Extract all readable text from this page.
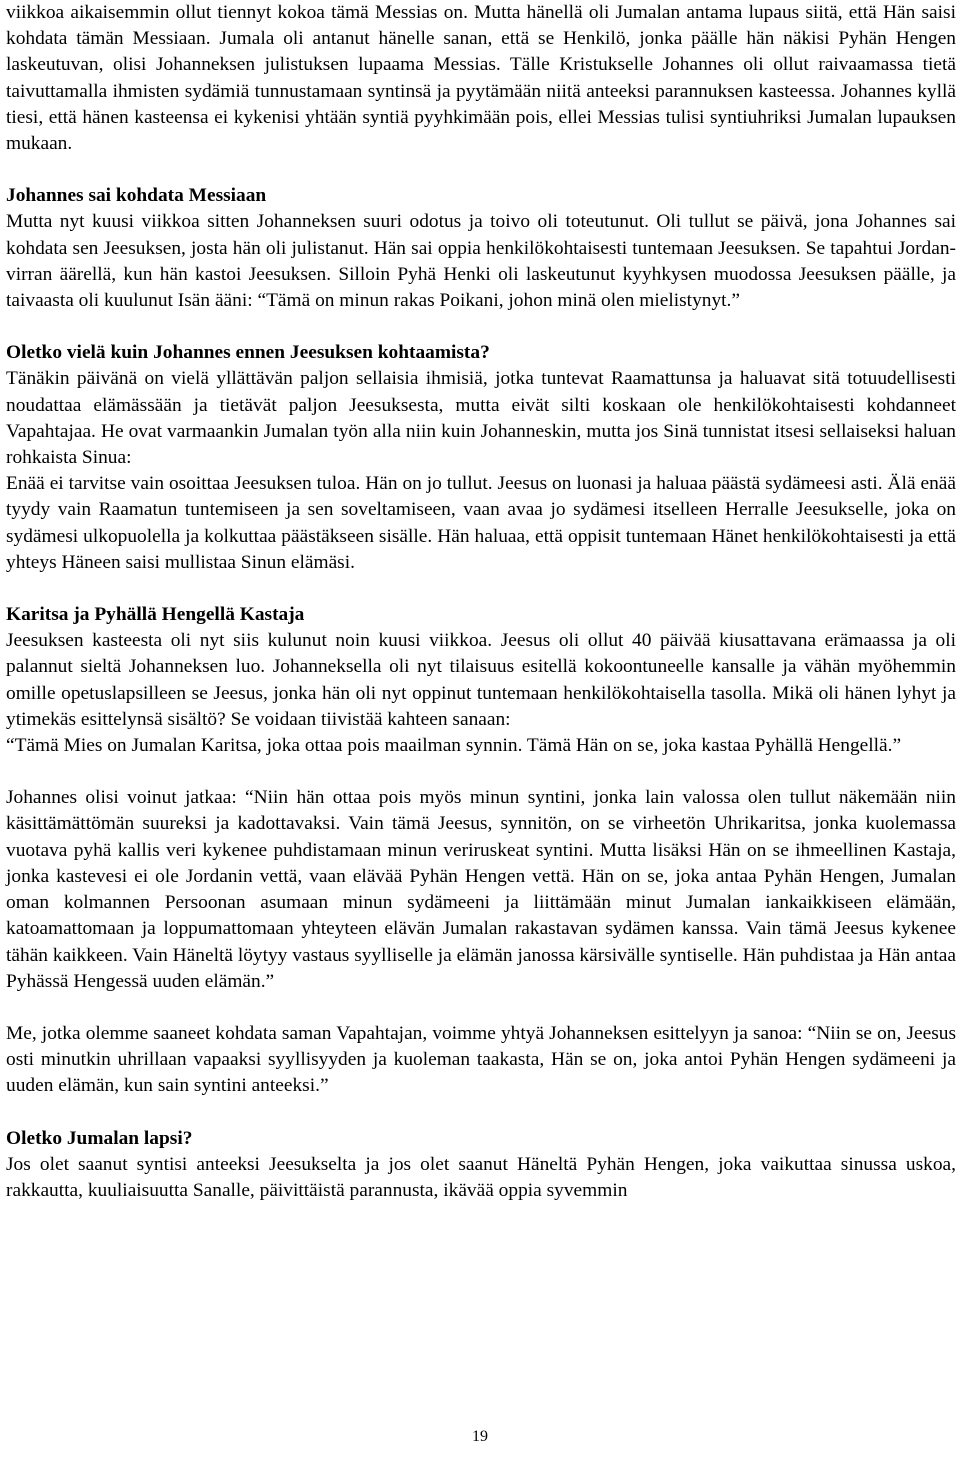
viikkoa aikaisemmin ollut tiennyt kokoa tämä Messias on. Mutta hänellä oli Jumalan antama lupaus siitä, että Hän saisi kohdata tämän Messiaan. Jumala oli antanut hänelle sanan, että se Henkilö, jonka päälle hän näkisi Pyhän Hengen laskeutuvan, olisi Johanneksen julistuksen lupaama Messias. Tälle Kristukselle Johannes oli ollut raivaamassa tietä taivuttamalla ihmisten sydämiä tunnustamaan syntinsä ja pyytämään niitä anteeksi parannuksen kasteessa. Johannes kyllä tiesi, että hänen kasteensa ei kykenisi yhtään syntiä pyyhkimään pois, ellei Messias tulisi syntiuhriksi Jumalan lupauksen mukaan.

Johannes sai kohdata Messiaan

Mutta nyt kuusi viikkoa sitten Johanneksen suuri odotus ja toivo oli toteutunut. Oli tullut se päivä, jona Johannes sai kohdata sen Jeesuksen, josta hän oli julistanut. Hän sai oppia henkilökohtaisesti tuntemaan Jeesuksen. Se tapahtui Jordan-virran äärellä, kun hän kastoi Jeesuksen. Silloin Pyhä Henki oli laskeutunut kyyhkysen muodossa Jeesuksen päälle, ja taivaasta oli kuulunut Isän ääni: “Tämä on minun rakas Poikani, johon minä olen mielistynyt.”

Oletko vielä kuin Johannes ennen Jeesuksen kohtaamista?

Tänäkin päivänä on vielä yllättävän paljon sellaisia ihmisiä, jotka tuntevat Raamattunsa ja haluavat sitä totuudellisesti noudattaa elämässään ja tietävät paljon Jeesuksesta, mutta eivät silti koskaan ole henkilökohtaisesti kohdanneet Vapahtajaa. He ovat varmaankin Jumalan työn alla niin kuin Johanneskin, mutta jos Sinä tunnistat itsesi sellaiseksi haluan rohkaista Sinua:

Enää ei tarvitse vain osoittaa Jeesuksen tuloa. Hän on jo tullut. Jeesus on luonasi ja haluaa päästä sydämeesi asti. Älä enää tyydy vain Raamatun tuntemiseen ja sen soveltamiseen, vaan avaa jo sydämesi itselleen Herralle Jeesukselle, joka on sydämesi ulkopuolella ja kolkuttaa päästäkseen sisälle. Hän haluaa, että oppisit tuntemaan Hänet henkilökohtaisesti ja että yhteys Häneen saisi mullistaa Sinun elämäsi.

Karitsa ja Pyhällä Hengellä Kastaja

Jeesuksen kasteesta oli nyt siis kulunut noin kuusi viikkoa. Jeesus oli ollut 40 päivää kiusattavana erämaassa ja oli palannut sieltä Johanneksen luo. Johanneksella oli nyt tilaisuus esitellä kokoontuneelle kansalle ja vähän myöhemmin omille opetuslapsilleen se Jeesus, jonka hän oli nyt oppinut tuntemaan henkilökohtaisella tasolla. Mikä oli hänen lyhyt ja ytimekäs esittelynsä sisältö? Se voidaan tiivistää kahteen sanaan:

“Tämä Mies on Jumalan Karitsa, joka ottaa pois maailman synnin. Tämä Hän on se, joka kastaa Pyhällä Hengellä.”

Johannes olisi voinut jatkaa: “Niin hän ottaa pois myös minun syntini, jonka lain valossa olen tullut näkemään niin käsittämättömän suureksi ja kadottavaksi. Vain tämä Jeesus, synnitön, on se virheetön Uhrikaritsa, jonka kuolemassa vuotava pyhä kallis veri kykenee puhdistamaan minun veriruskeat syntini. Mutta lisäksi Hän on se ihmeellinen Kastaja, jonka kastevesi ei ole Jordanin vettä, vaan elävää Pyhän Hengen vettä. Hän on se, joka antaa Pyhän Hengen, Jumalan oman kolmannen Persoonan asumaan minun sydämeeni ja liittämään minut Jumalan iankaikkiseen elämään, katoamattomaan ja loppumattomaan yhteyteen elävän Jumalan rakastavan sydämen kanssa. Vain tämä Jeesus kykenee tähän kaikkeen. Vain Häneltä löytyy vastaus syylliselle ja elämän janossa kärsivälle syntiselle. Hän puhdistaa ja Hän antaa Pyhässä Hengessä uuden elämän.”

Me, jotka olemme saaneet kohdata saman Vapahtajan, voimme yhtyä Johanneksen esittelyyn ja sanoa: “Niin se on, Jeesus osti minutkin uhrillaan vapaaksi syyllisyyden ja kuoleman taakasta, Hän se on, joka antoi Pyhän Hengen sydämeeni ja uuden elämän, kun sain syntini anteeksi.”

Oletko Jumalan lapsi?

Jos olet saanut syntisi anteeksi Jeesukselta ja jos olet saanut Häneltä Pyhän Hengen, joka vaikuttaa sinussa uskoa, rakkautta, kuuliaisuutta Sanalle, päivittäistä parannusta, ikävää oppia syvemmin

19
